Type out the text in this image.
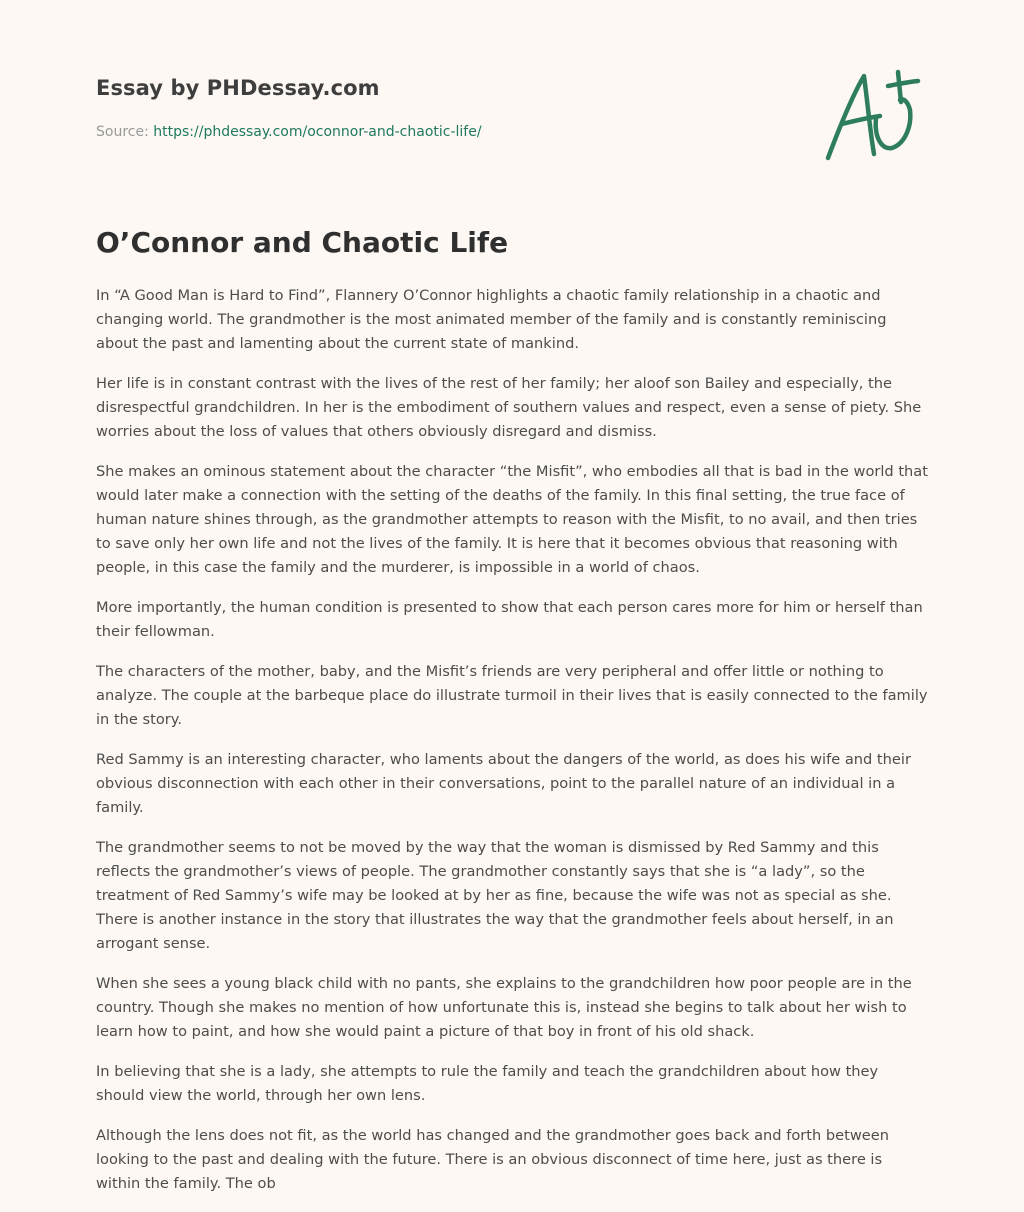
Essay by PHDessay.com
Source: https://phdessay.com/oconnor-and-chaotic-life/
O’Connor and Chaotic Life

In “A Good Man is Hard to Find”, Flannery O’Connor highlights a chaotic family relationship in a chaotic and changing world. The grandmother is the most animated member of the family and is constantly reminiscing about the past and lamenting about the current state of mankind.

Her life is in constant contrast with the lives of the rest of her family; her aloof son Bailey and especially, the disrespectful grandchildren. In her is the embodiment of southern values and respect, even a sense of piety. She worries about the loss of values that others obviously disregard and dismiss.

She makes an ominous statement about the character “the Misfit”, who embodies all that is bad in the world that would later make a connection with the setting of the deaths of the family. In this final setting, the true face of human nature shines through, as the grandmother attempts to reason with the Misfit, to no avail, and then tries to save only her own life and not the lives of the family. It is here that it becomes obvious that reasoning with people, in this case the family and the murderer, is impossible in a world of chaos.

More importantly, the human condition is presented to show that each person cares more for him or herself than their fellowman.

The characters of the mother, baby, and the Misfit’s friends are very peripheral and offer little or nothing to analyze. The couple at the barbeque place do illustrate turmoil in their lives that is easily connected to the family in the story.

Red Sammy is an interesting character, who laments about the dangers of the world, as does his wife and their obvious disconnection with each other in their conversations, point to the parallel nature of an individual in a family.

The grandmother seems to not be moved by the way that the woman is dismissed by Red Sammy and this reflects the grandmother’s views of people. The grandmother constantly says that she is “a lady”, so the treatment of Red Sammy’s wife may be looked at by her as fine, because the wife was not as special as she. There is another instance in the story that illustrates the way that the grandmother feels about herself, in an arrogant sense.

When she sees a young black child with no pants, she explains to the grandchildren how poor people are in the country. Though she makes no mention of how unfortunate this is, instead she begins to talk about her wish to learn how to paint, and how she would paint a picture of that boy in front of his old shack.

In believing that she is a lady, she attempts to rule the family and teach the grandchildren about how they should view the world, through her own lens.

Although the lens does not fit, as the world has changed and the grandmother goes back and forth between looking to the past and dealing with the future. There is an obvious disconnect of time here, just as there is within the family. The ob
